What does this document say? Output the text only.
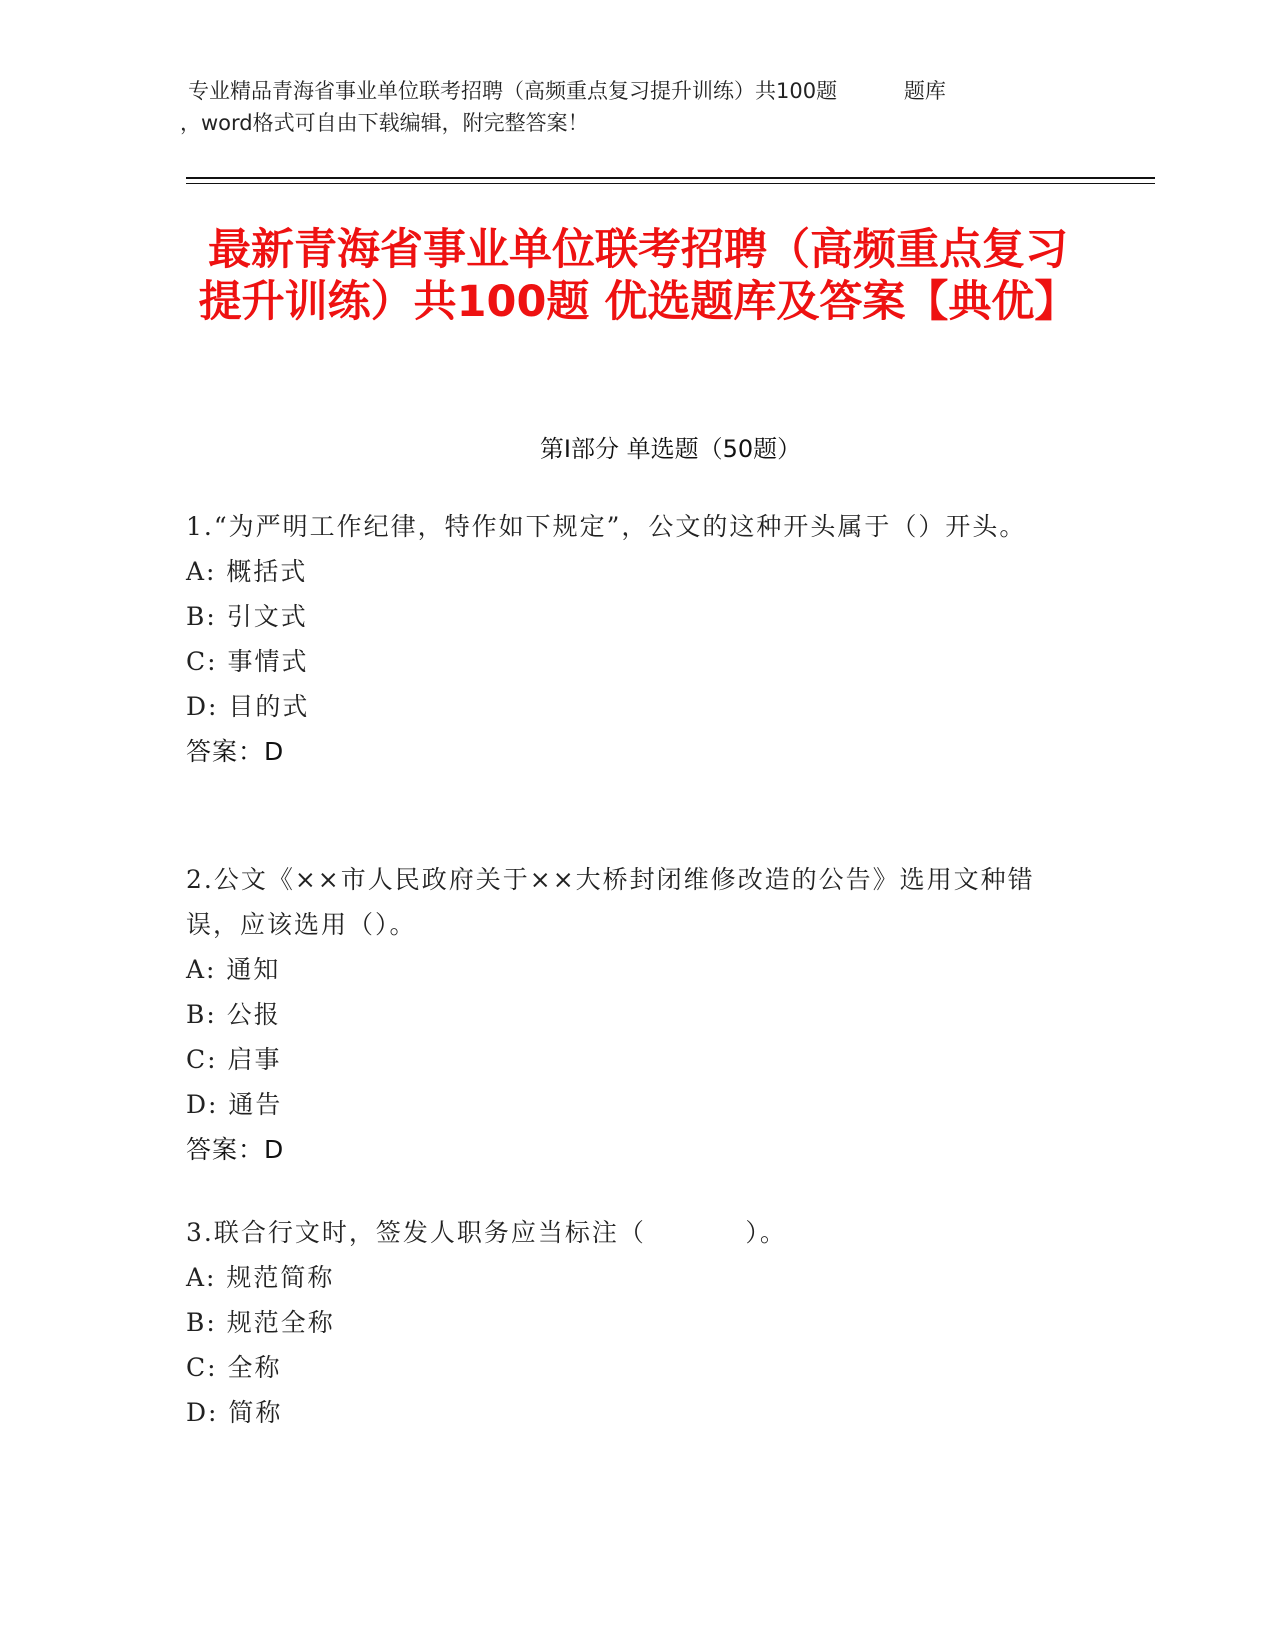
专业精品青海省事业单位联考招聘（高频重点复习提升训练）共100题          题库
，word格式可自由下载编辑，附完整答案！
最新青海省事业单位联考招聘（高频重点复习提升训练）共100题 优选题库及答案【典优】
第I部分 单选题（50题）
1.“为严明工作纪律，特作如下规定”，公文的这种开头属于（）开头。
A: 概括式
B: 引文式
C: 事情式
D: 目的式
答案：D
2.公文《××市人民政府关于××大桥封闭维修改造的公告》选用文种错误，应该选用（）。
A: 通知
B: 公报
C: 启事
D: 通告
答案：D
3.联合行文时，签发人职务应当标注（          ）。
A: 规范简称
B: 规范全称
C: 全称
D: 简称
